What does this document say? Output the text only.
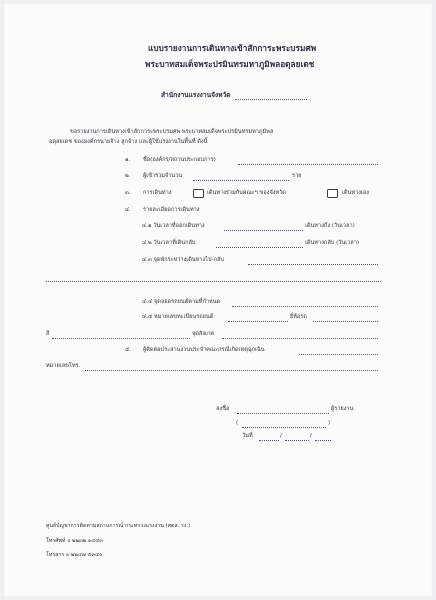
แบบรายงานการเดินทางเข้าสักการะพระบรมศพ
พระบาทสมเด็จพระปรมินทรมหาภูมิพลอดุลยเดช
สำนักงานแรงงานจังหวัด
ขอรายงานการเดินทางเข้าสักการะพระบรมศพ พระบาทสมเด็จพระปรมินทรมหาภูมิพล
อดุลยเดช ขององค์กรนายจ้าง ลูกจ้าง และผู้ใช้แรงงานในพื้นที่ ดังนี้
๑. ชื่อ(องค์กร/สถานประกอบการ)
๒. ผู้เข้าร่วมจำนวน	ราย
๓. การเดินทาง	เดินทางร่วมกับคณะฯ ของจังหวัด	เดินทางเอง
๔. รายละเอียดการเดินทาง
๔.๑ วันเวลาที่ออกเดินทาง	เดินทางถึง (วันเวลา)
๔.๒ วันเวลาที่เดินกลับ	เดินทางกลับ (วันเวลา)
๔.๓ จุดพักระหว่างเดินทางไป-กลับ
๔.๔ จุดจอดรถยนต์ตามที่กำหนด
๔.๕ หมายเลขทะเบียนรถยนต์	ยี่ห้อรถ
สี	จุดสังเกต
๕. ผู้ติดต่อประสานงานประจำคณะกรณีเกิดเหตุฉุกเฉิน
หมายเลขโทร.
ลงชื่อ	ผู้รายงาน
(	)
วันที่	/	/
ศูนย์บัญชาการติดตามสถานการณ์ กระทรวงแรงงาน (ศตส. รง.)
โทรศัพท์ ๐ ๒๒๓๒ ๑๔๔๓
โทรสาร ๐ ๒๒๔๗ ๕๓๔๐
